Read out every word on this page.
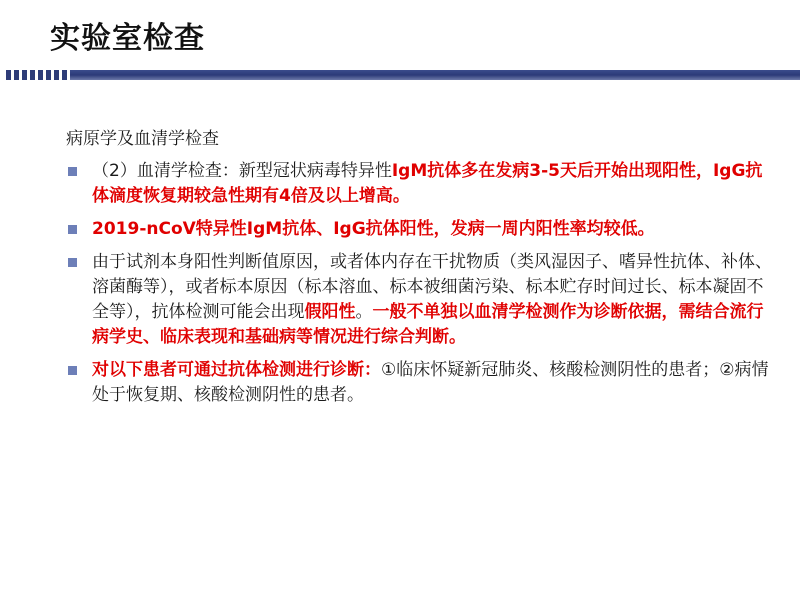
实验室检查
病原学及血清学检查
（2）血清学检查：新型冠状病毒特异性IgM抗体多在发病3-5天后开始出现阳性，IgG抗体滴度恢复期较急性期有4倍及以上增高。
2019-nCoV特异性IgM抗体、IgG抗体阳性，发病一周内阳性率均较低。
由于试剂本身阳性判断值原因，或者体内存在干扰物质（类风湿因子、嗜异性抗体、补体、溶菌酶等），或者标本原因（标本溶血、标本被细菌污染、标本贮存时间过长、标本凝固不全等），抗体检测可能会出现假阳性。一般不单独以血清学检测作为诊断依据，需结合流行病学史、临床表现和基础病等情况进行综合判断。
对以下患者可通过抗体检测进行诊断：①临床怀疑新冠肺炎、核酸检测阴性的患者；②病情处于恢复期、核酸检测阴性的患者。
